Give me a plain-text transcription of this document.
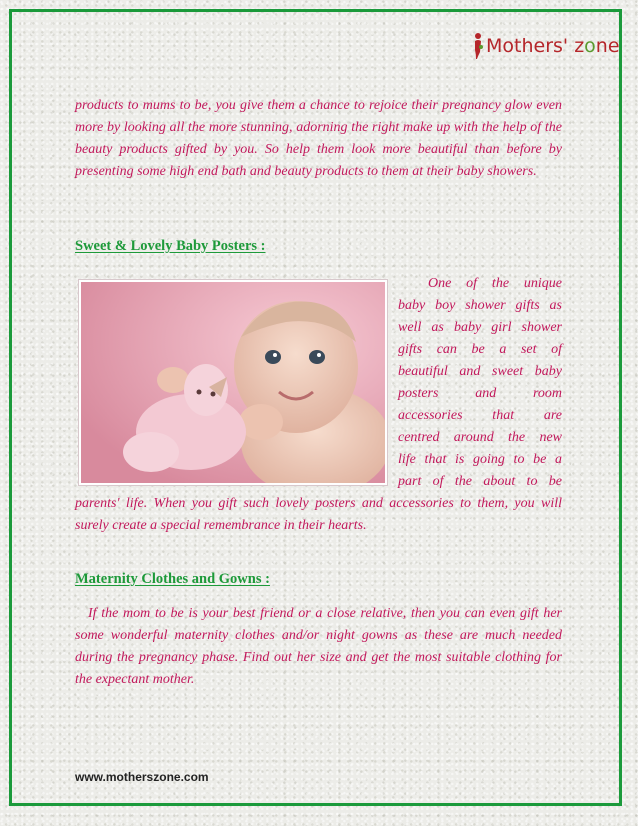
Mothers' zone
products to mums to be, you give them a chance to rejoice their pregnancy glow even more by looking all the more stunning, adorning the right make up with the help of the beauty products gifted by you. So help them look more beautiful than before by presenting some high end bath and beauty products to them at their baby showers.
Sweet & Lovely Baby Posters :
One of the unique
baby boy shower gifts as
well as baby girl shower
gifts can be a set of
beautiful and sweet baby
posters and room
accessories that are
centred around the new
life that is going to be a
part of the about to be
parents' life. When you gift such lovely posters and accessories to them, you will surely create a special remembrance in their hearts.
Maternity Clothes and Gowns :
If the mom to be is your best friend or a close relative, then you can even gift her some wonderful maternity clothes and/or night gowns as these are much needed during the pregnancy phase. Find out her size and get the most suitable clothing for the expectant mother.
www.motherszone.com
